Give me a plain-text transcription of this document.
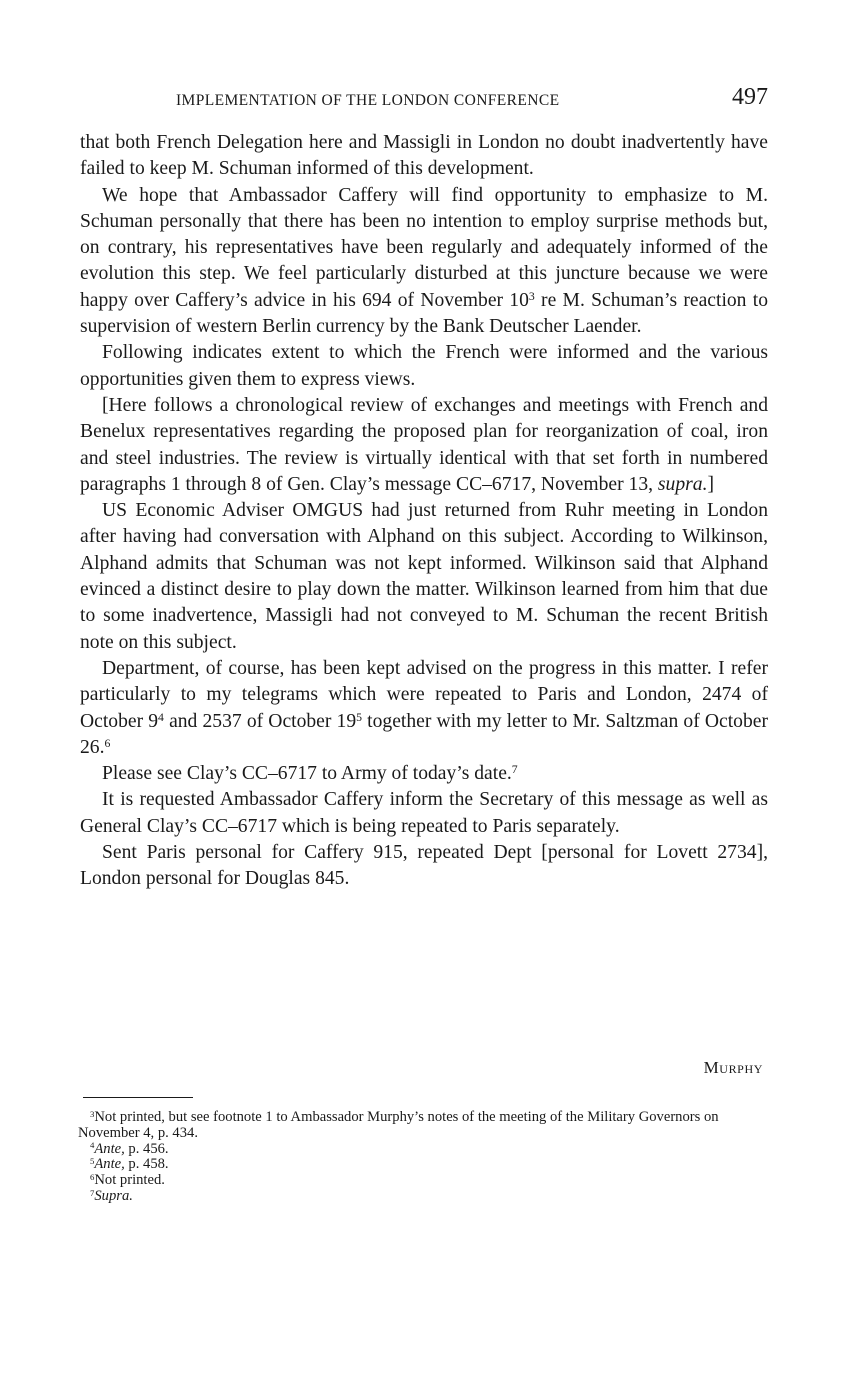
IMPLEMENTATION OF THE LONDON CONFERENCE	497

that both French Delegation here and Massigli in London no doubt inadvertently have failed to keep M. Schuman informed of this development.

We hope that Ambassador Caffery will find opportunity to emphasize to M. Schuman personally that there has been no intention to employ surprise methods but, on contrary, his representatives have been regularly and adequately informed of the evolution this step. We feel particularly disturbed at this juncture because we were happy over Caffery’s advice in his 694 of November $10^3$ re M. Schuman’s reaction to supervision of western Berlin currency by the Bank Deutscher Laender.

Following indicates extent to which the French were informed and the various opportunities given them to express views.

[Here follows a chronological review of exchanges and meetings with French and Benelux representatives regarding the proposed plan for reorganization of coal, iron and steel industries. The review is virtually identical with that set forth in numbered paragraphs 1 through 8 of Gen. Clay’s message CC–6717, November 13, supra.]

US Economic Adviser OMGUS had just returned from Ruhr meeting in London after having had conversation with Alphand on this subject. According to Wilkinson, Alphand admits that Schuman was not kept informed. Wilkinson said that Alphand evinced a distinct desire to play down the matter. Wilkinson learned from him that due to some inadvertence, Massigli had not conveyed to M. Schuman the recent British note on this subject.

Department, of course, has been kept advised on the progress in this matter. I refer particularly to my telegrams which were repeated to Paris and London, 2474 of October $9^4$ and 2537 of October $19^5$ together with my letter to Mr. Saltzman of October 26.$^6$

Please see Clay’s CC–6717 to Army of today’s date.$^7$

It is requested Ambassador Caffery inform the Secretary of this message as well as General Clay’s CC–6717 which is being repeated to Paris separately.

Sent Paris personal for Caffery 915, repeated Dept [personal for Lovett 2734], London personal for Douglas 845.

Murphy

$^3$Not printed, but see footnote 1 to Ambassador Murphy’s notes of the meeting of the Military Governors on November 4, p. 434.

$^4$Ante, p. 456.

$^5$Ante, p. 458.

$^6$Not printed.

$^7$Supra.
